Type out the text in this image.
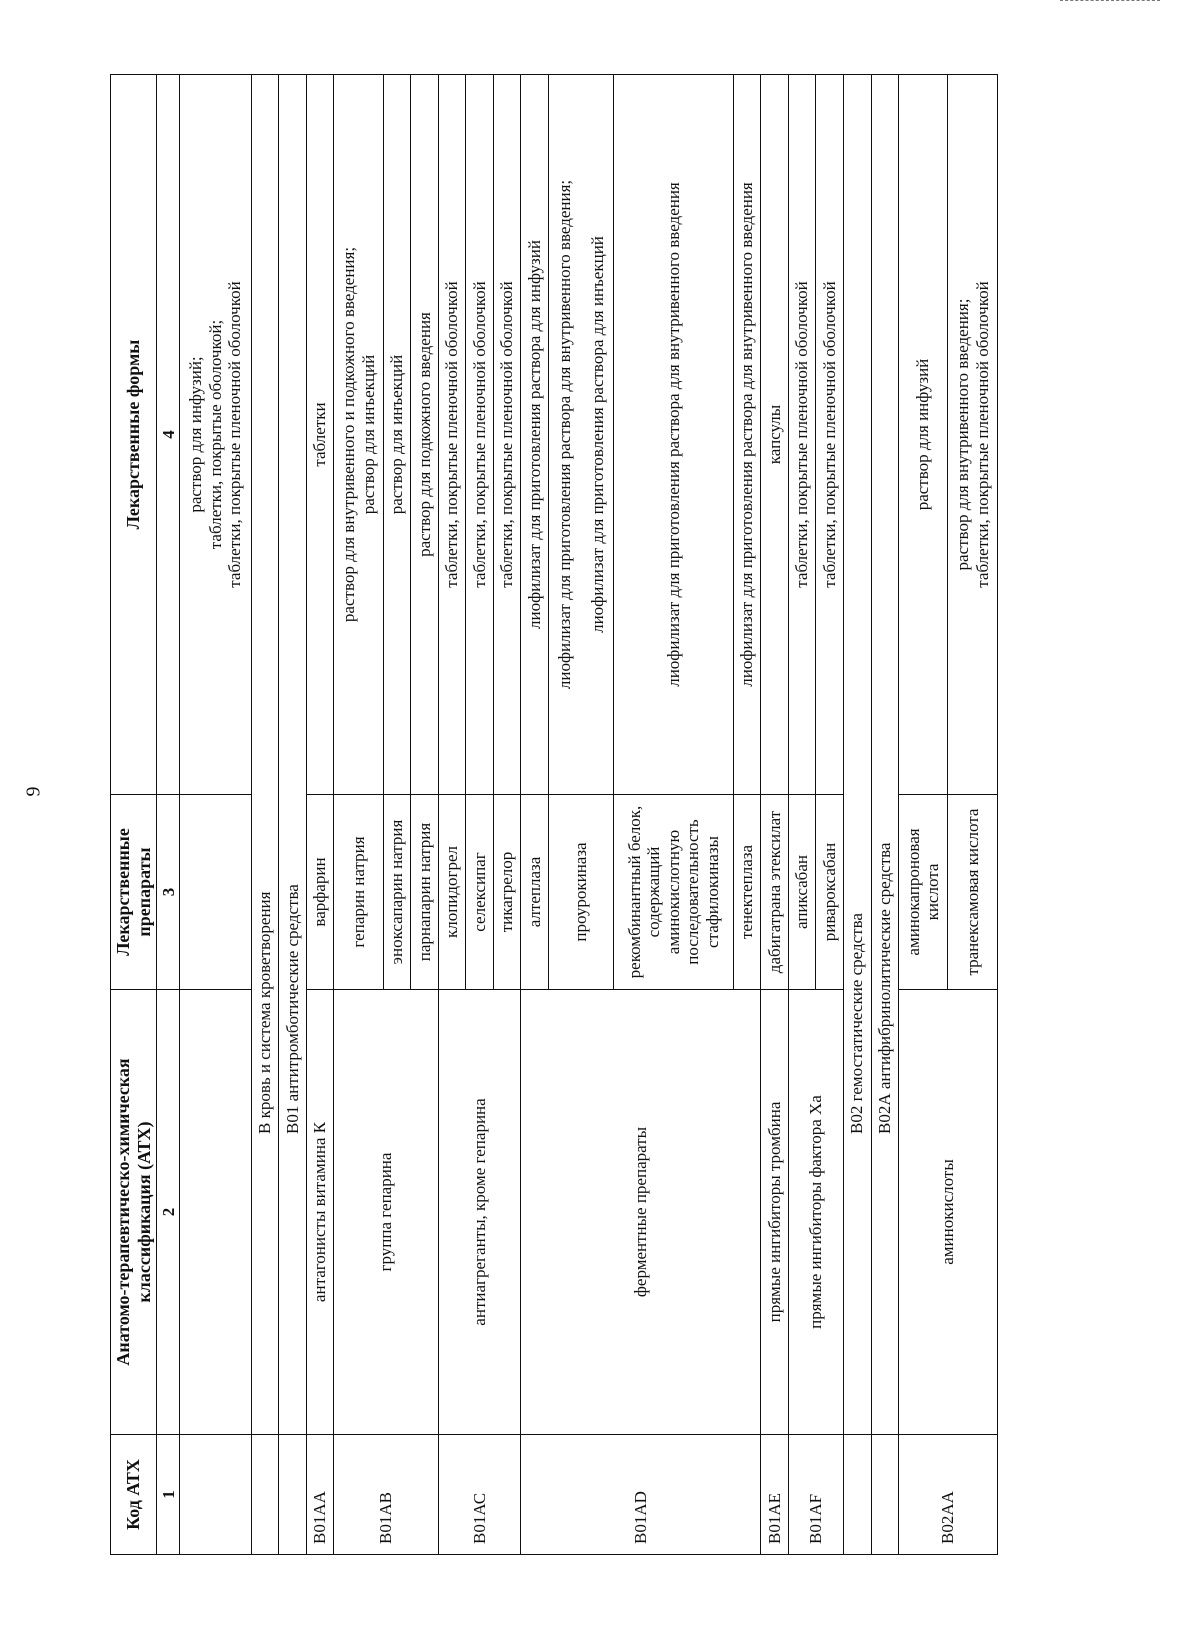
9
Код АТХ	Анатомо-терапевтическо-химическая классификация (АТХ)	Лекарственные препараты	Лекарственные формы
1	2	3	4

			раствор для инфузий; таблетки, покрытые оболочкой; таблетки, покрытые пленочной оболочкой

	В кровь и система кроветворения		
	В01 антитромботические средства		
В01АА	антагонисты витамина К	варфарин	таблетки
В01АВ	группа гепарина	гепарин натрия	раствор для внутривенного и подкожного введения; раствор для инъекций

		эноксапарин натрия	раствор для инъекций
		парнапарин натрия	раствор для подкожного введения
В01АС	антиагреганты, кроме гепарина	клопидогрел	таблетки, покрытые пленочной оболочкой
		селексипаг	таблетки, покрытые пленочной оболочкой
		тикагрелор	таблетки, покрытые пленочной оболочкой
В01АD	ферментные препараты	алтеплаза	лиофилизат для приготовления раствора для инфузий
		проурокиназа	лиофилизат для приготовления раствора для внутривенного введения; лиофилизат для приготовления раствора для инъекций

		рекомбинантный белок, содержащий аминокислотную последовательность стафилокиназы	лиофилизат для приготовления раствора для внутривенного введения
		тенектеплаза	лиофилизат для приготовления раствора для внутривенного введения
В01АЕ	прямые ингибиторы тромбина	дабигатрана этексилат	капсулы
В01АF	прямые ингибиторы фактора Ха	апиксабан	таблетки, покрытые пленочной оболочкой
		ривароксабан	таблетки, покрытые пленочной оболочкой
	В02 гемостатические средства		
	В02А антифибринолитические средства		
В02АА	аминокислоты	аминокапроновая кислота	раствор для инфузий
		транексамовая кислота	раствор для внутривенного введения; таблетки, покрытые пленочной оболочкой
